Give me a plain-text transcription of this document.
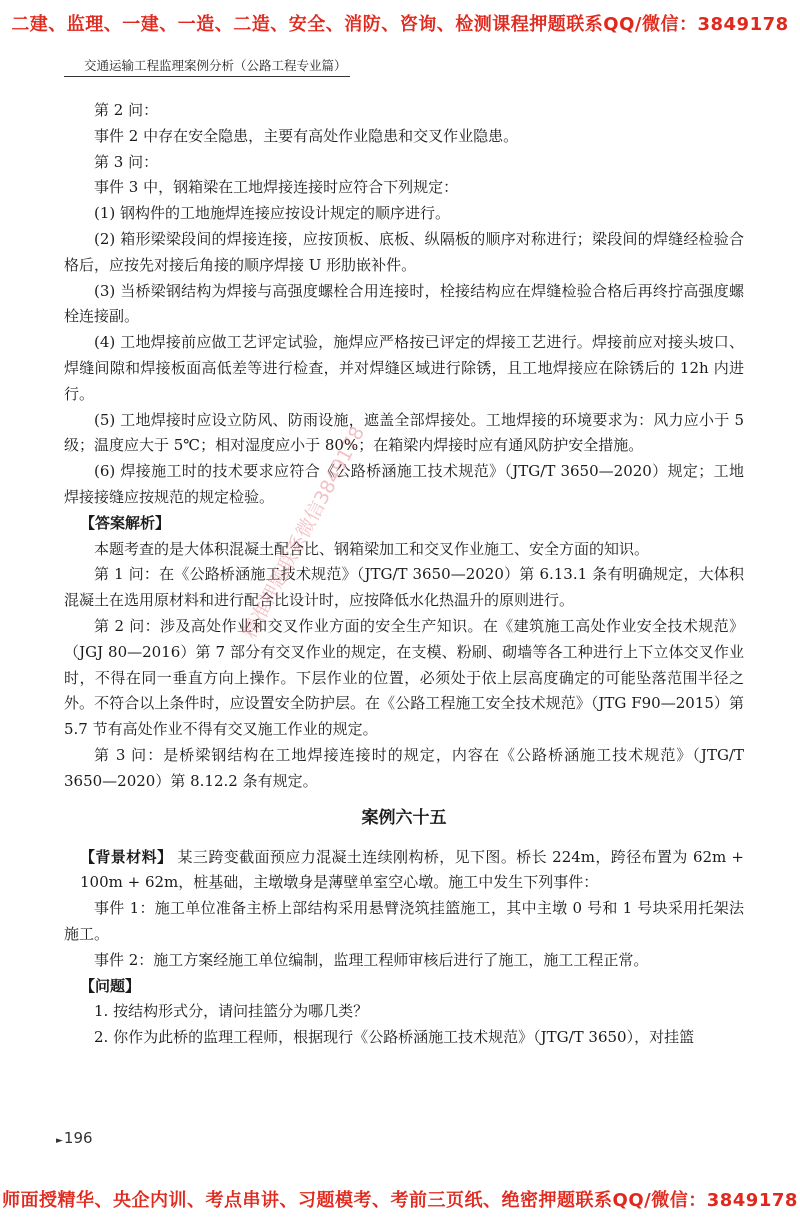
二建、监理、一建、一造、二造、安全、消防、咨询、检测课程押题联系QQ/微信：3849178
交通运输工程监理案例分析（公路工程专业篇）

第 2 问：

事件 2 中存在安全隐患，主要有高处作业隐患和交叉作业隐患。

第 3 问：

事件 3 中，钢箱梁在工地焊接连接时应符合下列规定：

(1) 钢构件的工地施焊连接应按设计规定的顺序进行。

(2) 箱形梁梁段间的焊接连接，应按顶板、底板、纵隔板的顺序对称进行；梁段间的焊缝经检验合格后，应按先对接后角接的顺序焊接 U 形肋嵌补件。

(3) 当桥梁钢结构为焊接与高强度螺栓合用连接时，栓接结构应在焊缝检验合格后再终拧高强度螺栓连接副。

(4) 工地焊接前应做工艺评定试验，施焊应严格按已评定的焊接工艺进行。焊接前应对接头坡口、焊缝间隙和焊接板面高低差等进行检查，并对焊缝区域进行除锈，且工地焊接应在除锈后的 12h 内进行。

(5) 工地焊接时应设立防风、防雨设施，遮盖全部焊接处。工地焊接的环境要求为：风力应小于 5 级；温度应大于 5℃；相对湿度应小于 80%；在箱梁内焊接时应有通风防护安全措施。

(6) 焊接施工时的技术要求应符合《公路桥涵施工技术规范》（JTG/T 3650—2020）规定；工地焊接接缝应按规范的规定检验。

【答案解析】

本题考查的是大体积混凝土配合比、钢箱梁加工和交叉作业施工、安全方面的知识。

第 1 问：在《公路桥涵施工技术规范》（JTG/T 3650—2020）第 6.13.1 条有明确规定，大体积混凝土在选用原材料和进行配合比设计时，应按降低水化热温升的原则进行。

第 2 问：涉及高处作业和交叉作业方面的安全生产知识。在《建筑施工高处作业安全技术规范》（JGJ 80—2016）第 7 部分有交叉作业的规定，在支模、粉刷、砌墙等各工种进行上下立体交叉作业时，不得在同一垂直方向上操作。下层作业的位置，必须处于依上层高度确定的可能坠落范围半径之外。不符合以上条件时，应设置安全防护层。在《公路工程施工安全技术规范》（JTG F90—2015）第 5.7 节有高处作业不得有交叉施工作业的规定。

第 3 问：是桥梁钢结构在工地焊接连接时的规定，内容在《公路桥涵施工技术规范》（JTG/T 3650—2020）第 8.12.2 条有规定。

案例六十五

【背景材料】 某三跨变截面预应力混凝土连续刚构桥，见下图。桥长 224m，跨径布置为 62m + 100m + 62m，桩基础，主墩墩身是薄壁单室空心墩。施工中发生下列事件：

事件 1：施工单位准备主桥上部结构采用悬臂浇筑挂篮施工，其中主墩 0 号和 1 号块采用托架法施工。

事件 2：施工方案经施工单位编制，监理工程师审核后进行了施工，施工工程正常。

【问题】

1. 按结构形式分，请问挂篮分为哪几类？

2. 你作为此桥的监理工程师，根据现行《公路桥涵施工技术规范》（JTG/T 3650），对挂篮

►196
精准押题联系微信3849178
师面授精华、央企内训、考点串讲、习题模考、考前三页纸、绝密押题联系QQ/微信：3849178
